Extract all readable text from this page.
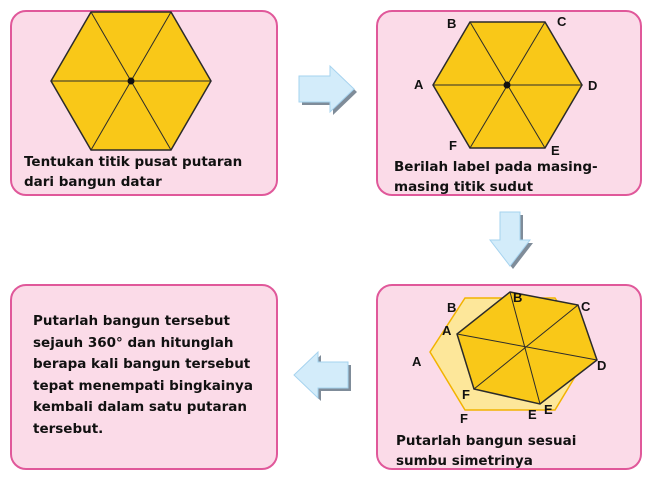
B	C
A	D
F	E
B
A
F	E
B
C
A
D
F
E
Tentukan titik pusat putaran
dari bangun datar
Berilah label pada masing-
masing titik sudut
Putarlah bangun sesuai
sumbu simetrinya
Putarlah bangun tersebut
sejauh 360° dan hitunglah
berapa kali bangun tersebut
tepat menempati bingkainya
kembali dalam satu putaran
tersebut.
